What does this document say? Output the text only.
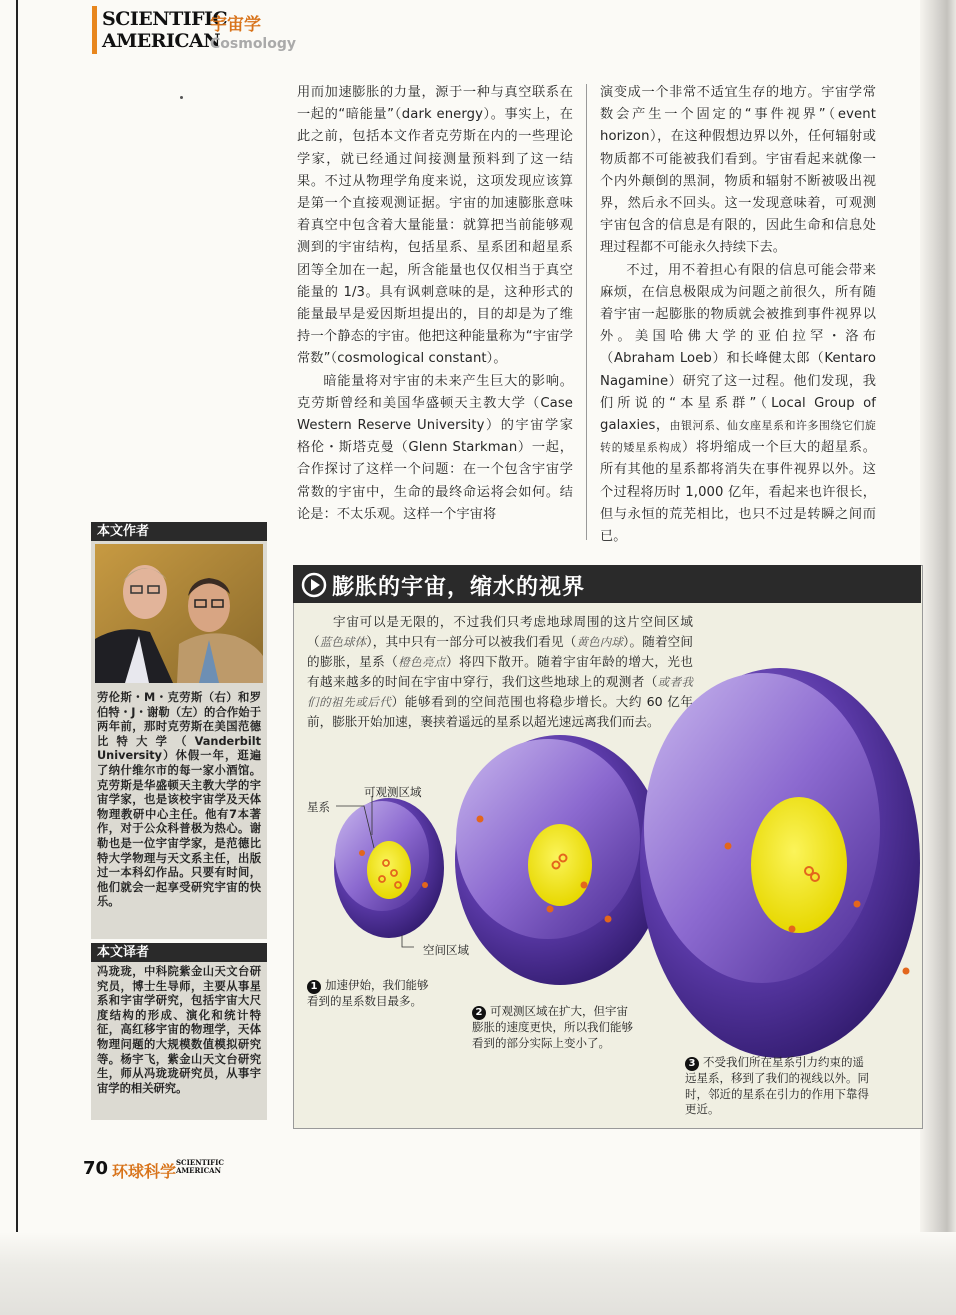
SCIENTIFIC
AMERICAN
宇宙学
Cosmology

用而加速膨胀的力量，源于一种与真空联系在一起的“暗能量”（dark energy）。事实上，在此之前，包括本文作者克劳斯在内的一些理论学家，就已经通过间接测量预料到了这一结果。不过从物理学角度来说，这项发现应该算是第一个直接观测证据。宇宙的加速膨胀意味着真空中包含着大量能量：就算把当前能够观测到的宇宙结构，包括星系、星系团和超星系团等全加在一起，所含能量也仅仅相当于真空能量的 1/3。具有讽刺意味的是，这种形式的能量最早是爱因斯坦提出的，目的却是为了维持一个静态的宇宙。他把这种能量称为“宇宙学常数”（cosmological constant）。

暗能量将对宇宙的未来产生巨大的影响。克劳斯曾经和美国华盛顿天主教大学（Case Western Reserve University）的宇宙学家格伦・斯塔克曼（Glenn Starkman）一起，合作探讨了这样一个问题：在一个包含宇宙学常数的宇宙中，生命的最终命运将会如何。结论是：不太乐观。这样一个宇宙将

演变成一个非常不适宜生存的地方。宇宙学常数会产生一个固定的“事件视界”（event horizon），在这种假想边界以外，任何辐射或物质都不可能被我们看到。宇宙看起来就像一个内外颠倒的黑洞，物质和辐射不断被吸出视界，然后永不回头。这一发现意味着，可观测宇宙包含的信息是有限的，因此生命和信息处理过程都不可能永久持续下去。

不过，用不着担心有限的信息可能会带来麻烦，在信息极限成为问题之前很久，所有随着宇宙一起膨胀的物质就会被推到事件视界以外。美国哈佛大学的亚伯拉罕・洛布（Abraham Loeb）和长峰健太郎（Kentaro Nagamine）研究了这一过程。他们发现，我们所说的“本星系群”（Local Group of galaxies，由银河系、仙女座星系和许多围绕它们旋转的矮星系构成）将坍缩成一个巨大的超星系。所有其他的星系都将消失在事件视界以外。这个过程将历时 1,000 亿年，看起来也许很长，但与永恒的荒芜相比，也只不过是转瞬之间而已。

本文作者
劳伦斯・M・克劳斯（右）和罗伯特・J・谢勒（左）的合作始于两年前，那时克劳斯在美国范德比特大学（Vanderbilt University）休假一年，逛遍了纳什维尔市的每一家小酒馆。克劳斯是华盛顿天主教大学的宇宙学家，也是该校宇宙学及天体物理教研中心主任。他有7本著作，对于公众科普极为热心。谢勒也是一位宇宙学家，是范德比特大学物理与天文系主任，出版过一本科幻作品。只要有时间，他们就会一起享受研究宇宙的快乐。
本文译者
冯珑珑，中科院紫金山天文台研究员，博士生导师，主要从事星系和宇宙学研究，包括宇宙大尺度结构的形成、演化和统计特征，高红移宇宙的物理学，天体物理问题的大规模数值模拟研究等。杨宇飞，紫金山天文台研究生，师从冯珑珑研究员，从事宇宙学的相关研究。
膨胀的宇宙，缩水的视界
宇宙可以是无限的，不过我们只考虑地球周围的这片空间区域（蓝色球体），其中只有一部分可以被我们看见（黄色内球）。随着空间的膨胀，星系（橙色亮点）将四下散开。随着宇宙年龄的增大，光也有越来越多的时间在宇宙中穿行，我们这些地球上的观测者（或者我们的祖先或后代）能够看到的空间范围也将稳步增长。大约 60 亿年前，膨胀开始加速，裹挟着遥远的星系以超光速远离我们而去。
星系
可观测区域
空间区域
1 加速伊始，我们能够看到的星系数目最多。
2 可观测区域在扩大，但宇宙膨胀的速度更快，所以我们能够看到的部分实际上变小了。
3 不受我们所在星系引力约束的遥远星系，移到了我们的视线以外。同时，邻近的星系在引力的作用下靠得更近。
70 环球科学 SCIENTIFIC
AMERICAN
